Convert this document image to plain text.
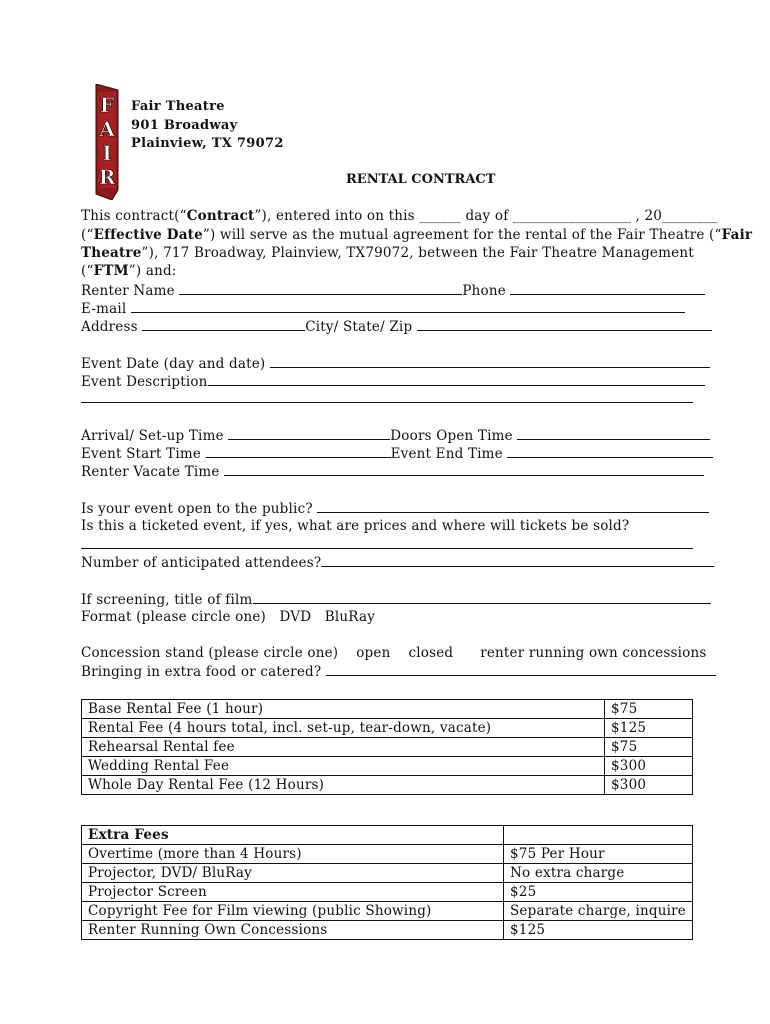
F
A
I
R
Fair Theatre
901 Broadway
Plainview, TX 79072
RENTAL CONTRACT
This contract(“Contract”), entered into on this ______ day of _________________ , 20________
(“Effective Date”) will serve as the mutual agreement for the rental of the Fair Theatre (“Fair
Theatre”), 717 Broadway, Plainview, TX79072, between the Fair Theatre Management
(“FTM”) and:
Renter Name	Phone
E-mail
Address	City/ State/ Zip
Event Date (day and date)
Event Description
Arrival/ Set-up Time	Doors Open Time
Event Start Time	Event End Time
Renter Vacate Time
Is your event open to the public?
Is this a ticketed event, if yes, what are prices and where will tickets be sold?
Number of anticipated attendees?
If screening, title of film
Format (please circle one) DVD BluRay
Concession stand (please circle one) open closed renter running own concessions
Bringing in extra food or catered?
Base Rental Fee (1 hour)	$75
Rental Fee (4 hours total, incl. set-up, tear-down, vacate)	$125
Rehearsal Rental fee	$75
Wedding Rental Fee	$300
Whole Day Rental Fee (12 Hours)	$300
Extra Fees	
Overtime (more than 4 Hours)	$75 Per Hour
Projector, DVD/ BluRay	No extra charge
Projector Screen	$25
Copyright Fee for Film viewing (public Showing)	Separate charge, inquire
Renter Running Own Concessions	$125
